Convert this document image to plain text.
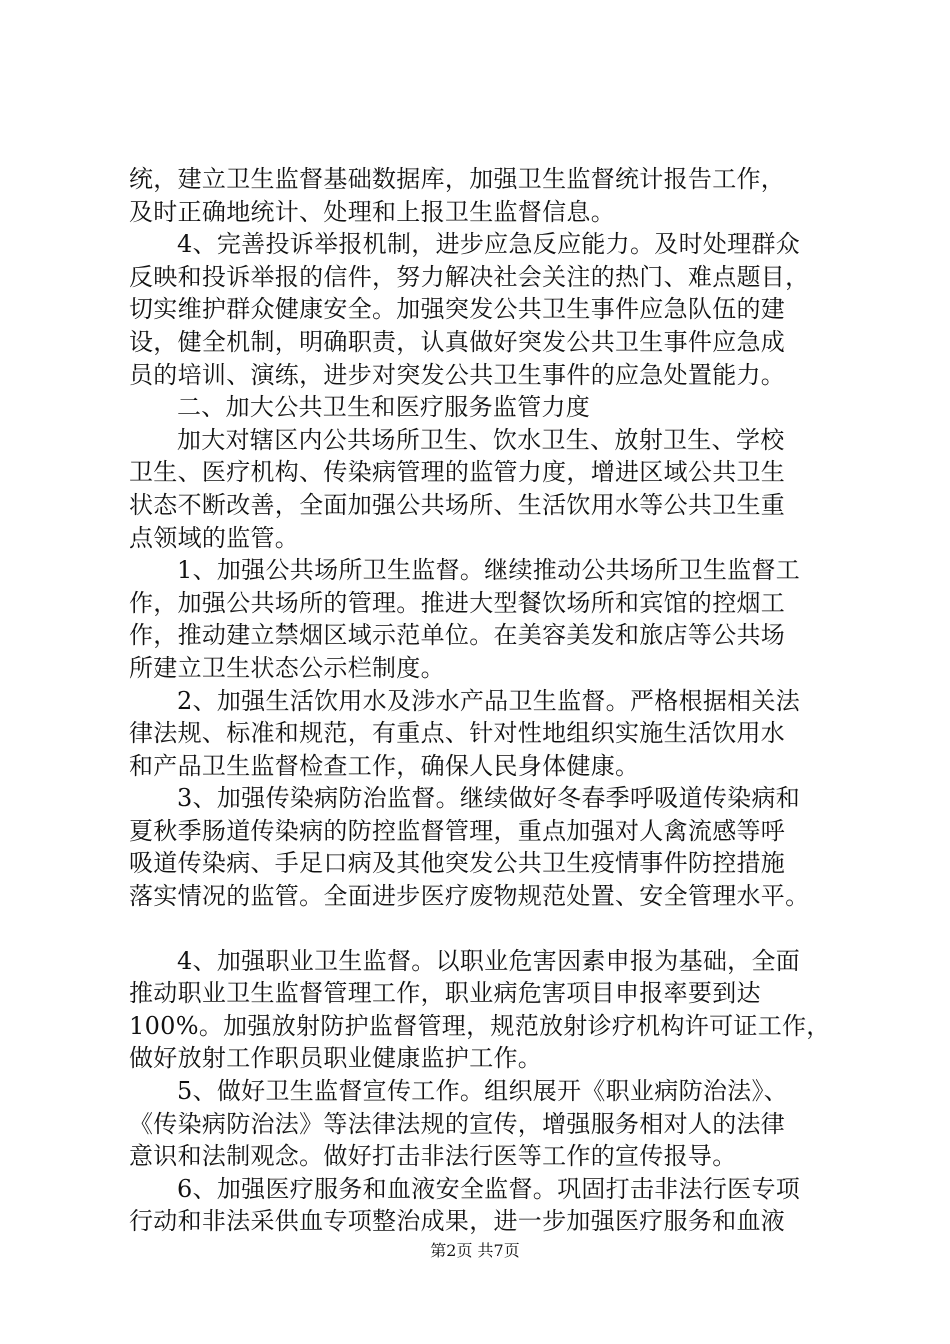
统，建立卫生监督基础数据库，加强卫生监督统计报告工作，
及时正确地统计、处理和上报卫生监督信息。
4、完善投诉举报机制，进步应急反应能力。及时处理群众
反映和投诉举报的信件，努力解决社会关注的热门、难点题目，
切实维护群众健康安全。加强突发公共卫生事件应急队伍的建
设，健全机制，明确职责，认真做好突发公共卫生事件应急成
员的培训、演练，进步对突发公共卫生事件的应急处置能力。
二、加大公共卫生和医疗服务监管力度
加大对辖区内公共场所卫生、饮水卫生、放射卫生、学校
卫生、医疗机构、传染病管理的监管力度，增进区域公共卫生
状态不断改善，全面加强公共场所、生活饮用水等公共卫生重
点领域的监管。
1、加强公共场所卫生监督。继续推动公共场所卫生监督工
作，加强公共场所的管理。推进大型餐饮场所和宾馆的控烟工
作，推动建立禁烟区域示范单位。在美容美发和旅店等公共场
所建立卫生状态公示栏制度。
2、加强生活饮用水及涉水产品卫生监督。严格根据相关法
律法规、标准和规范，有重点、针对性地组织实施生活饮用水
和产品卫生监督检查工作，确保人民身体健康。
3、加强传染病防治监督。继续做好冬春季呼吸道传染病和
夏秋季肠道传染病的防控监督管理，重点加强对人禽流感等呼
吸道传染病、手足口病及其他突发公共卫生疫情事件防控措施
落实情况的监管。全面进步医疗废物规范处置、安全管理水平。
4、加强职业卫生监督。以职业危害因素申报为基础，全面
推动职业卫生监督管理工作，职业病危害项目申报率要到达
100%。加强放射防护监督管理，规范放射诊疗机构许可证工作，
做好放射工作职员职业健康监护工作。
5、做好卫生监督宣传工作。组织展开《职业病防治法》、
《传染病防治法》等法律法规的宣传，增强服务相对人的法律
意识和法制观念。做好打击非法行医等工作的宣传报导。
6、加强医疗服务和血液安全监督。巩固打击非法行医专项
行动和非法采供血专项整治成果，进一步加强医疗服务和血液
第2页 共7页
